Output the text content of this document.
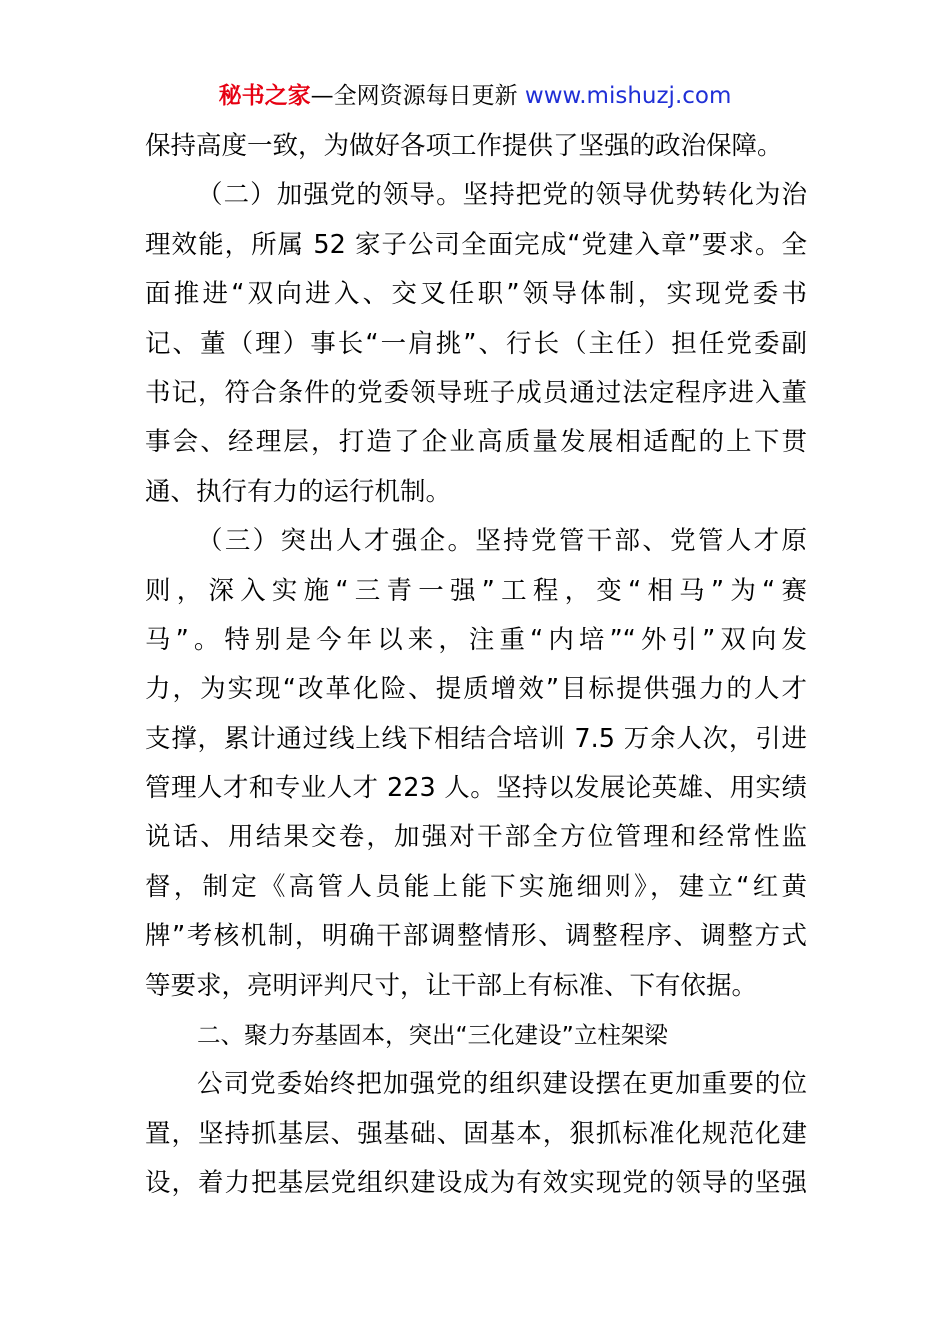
秘书之家—全网资源每日更新 www.mishuzj.com
保持高度一致，为做好各项工作提供了坚强的政治保障。
（二）加强党的领导。坚持把党的领导优势转化为治
理效能，所属 52 家子公司全面完成“党建入章”要求。全
面推进“双向进入、交叉任职”领导体制，实现党委书
记、董（理）事长“一肩挑”、行长（主任）担任党委副
书记，符合条件的党委领导班子成员通过法定程序进入董
事会、经理层，打造了企业高质量发展相适配的上下贯
通、执行有力的运行机制。
（三）突出人才强企。坚持党管干部、党管人才原
则，深入实施“三青一强”工程，变“相马”为“赛
马”。特别是今年以来，注重“内培”“外引”双向发
力，为实现“改革化险、提质增效”目标提供强力的人才
支撑，累计通过线上线下相结合培训 7.5 万余人次，引进
管理人才和专业人才 223 人。坚持以发展论英雄、用实绩
说话、用结果交卷，加强对干部全方位管理和经常性监
督，制定《高管人员能上能下实施细则》，建立“红黄
牌”考核机制，明确干部调整情形、调整程序、调整方式
等要求，亮明评判尺寸，让干部上有标准、下有依据。
二、聚力夯基固本，突出“三化建设”立柱架梁
公司党委始终把加强党的组织建设摆在更加重要的位
置，坚持抓基层、强基础、固基本，狠抓标准化规范化建
设，着力把基层党组织建设成为有效实现党的领导的坚强
